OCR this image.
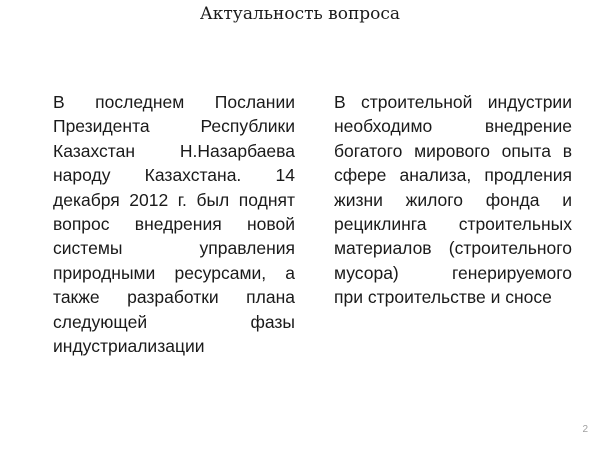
Актуальность вопроса
В последнем Послании
Президента Республики
Казахстан Н.Назарбаева
народу Казахстана. 14
декабря 2012 г. был поднят
вопрос внедрения новой
системы управления
природными ресурсами, а
также разработки плана
следующей фазы
индустриализации
В строительной индустрии
необходимо внедрение
богатого мирового опыта в
сфере анализа, продления
жизни жилого фонда и
рециклинга строительных
материалов (строительного
мусора) генерируемого
при строительстве и сносе
2
